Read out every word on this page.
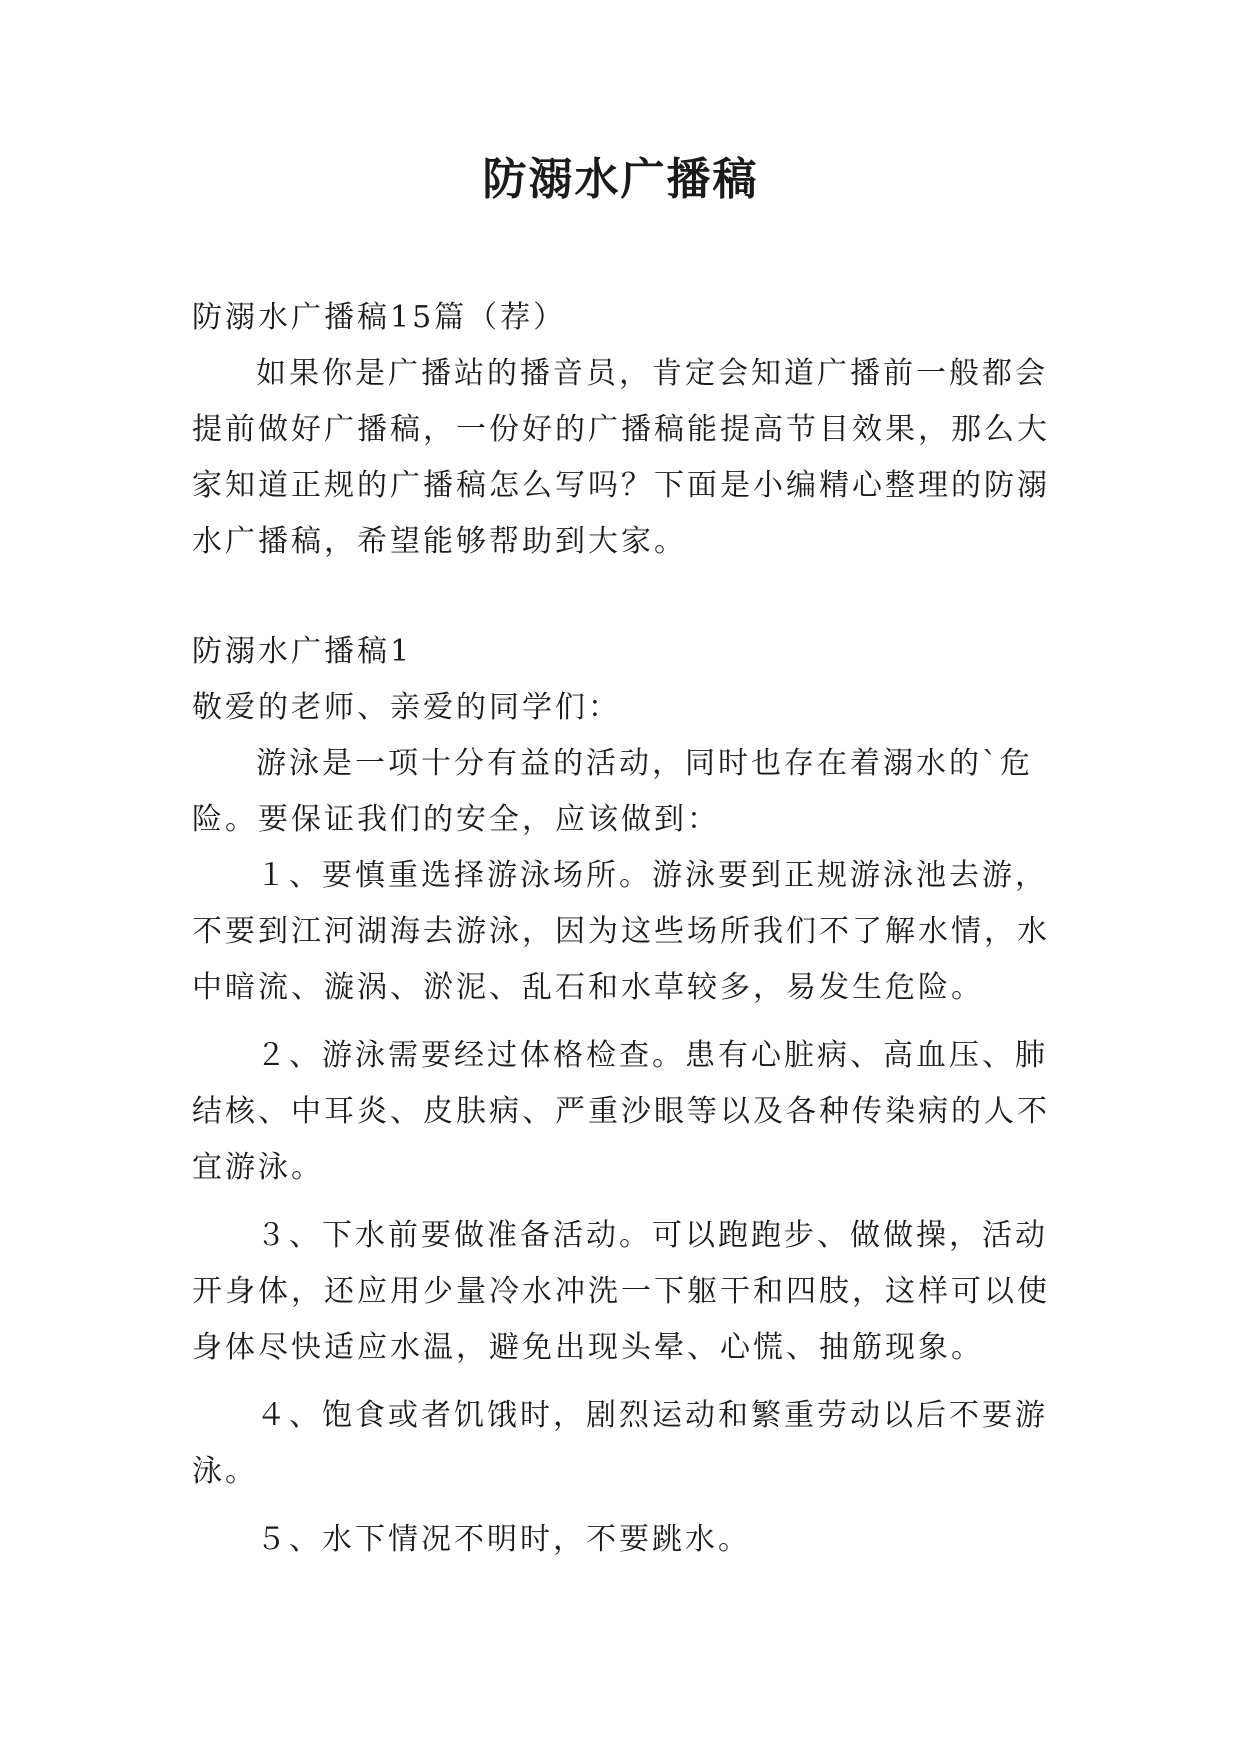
防溺水广播稿

防溺水广播稿15篇（荐）

如果你是广播站的播音员，肯定会知道广播前一般都会提前做好广播稿，一份好的广播稿能提高节目效果，那么大家知道正规的广播稿怎么写吗？下面是小编精心整理的防溺水广播稿，希望能够帮助到大家。

防溺水广播稿1

敬爱的老师、亲爱的同学们：

游泳是一项十分有益的活动，同时也存在着溺水的`危险。要保证我们的安全，应该做到：

１、要慎重选择游泳场所。游泳要到正规游泳池去游，不要到江河湖海去游泳，因为这些场所我们不了解水情，水中暗流、漩涡、淤泥、乱石和水草较多，易发生危险。

２、游泳需要经过体格检查。患有心脏病、高血压、肺结核、中耳炎、皮肤病、严重沙眼等以及各种传染病的人不宜游泳。

３、下水前要做准备活动。可以跑跑步、做做操，活动开身体，还应用少量冷水冲洗一下躯干和四肢，这样可以使身体尽快适应水温，避免出现头晕、心慌、抽筋现象。

４、饱食或者饥饿时，剧烈运动和繁重劳动以后不要游泳。

５、水下情况不明时，不要跳水。
